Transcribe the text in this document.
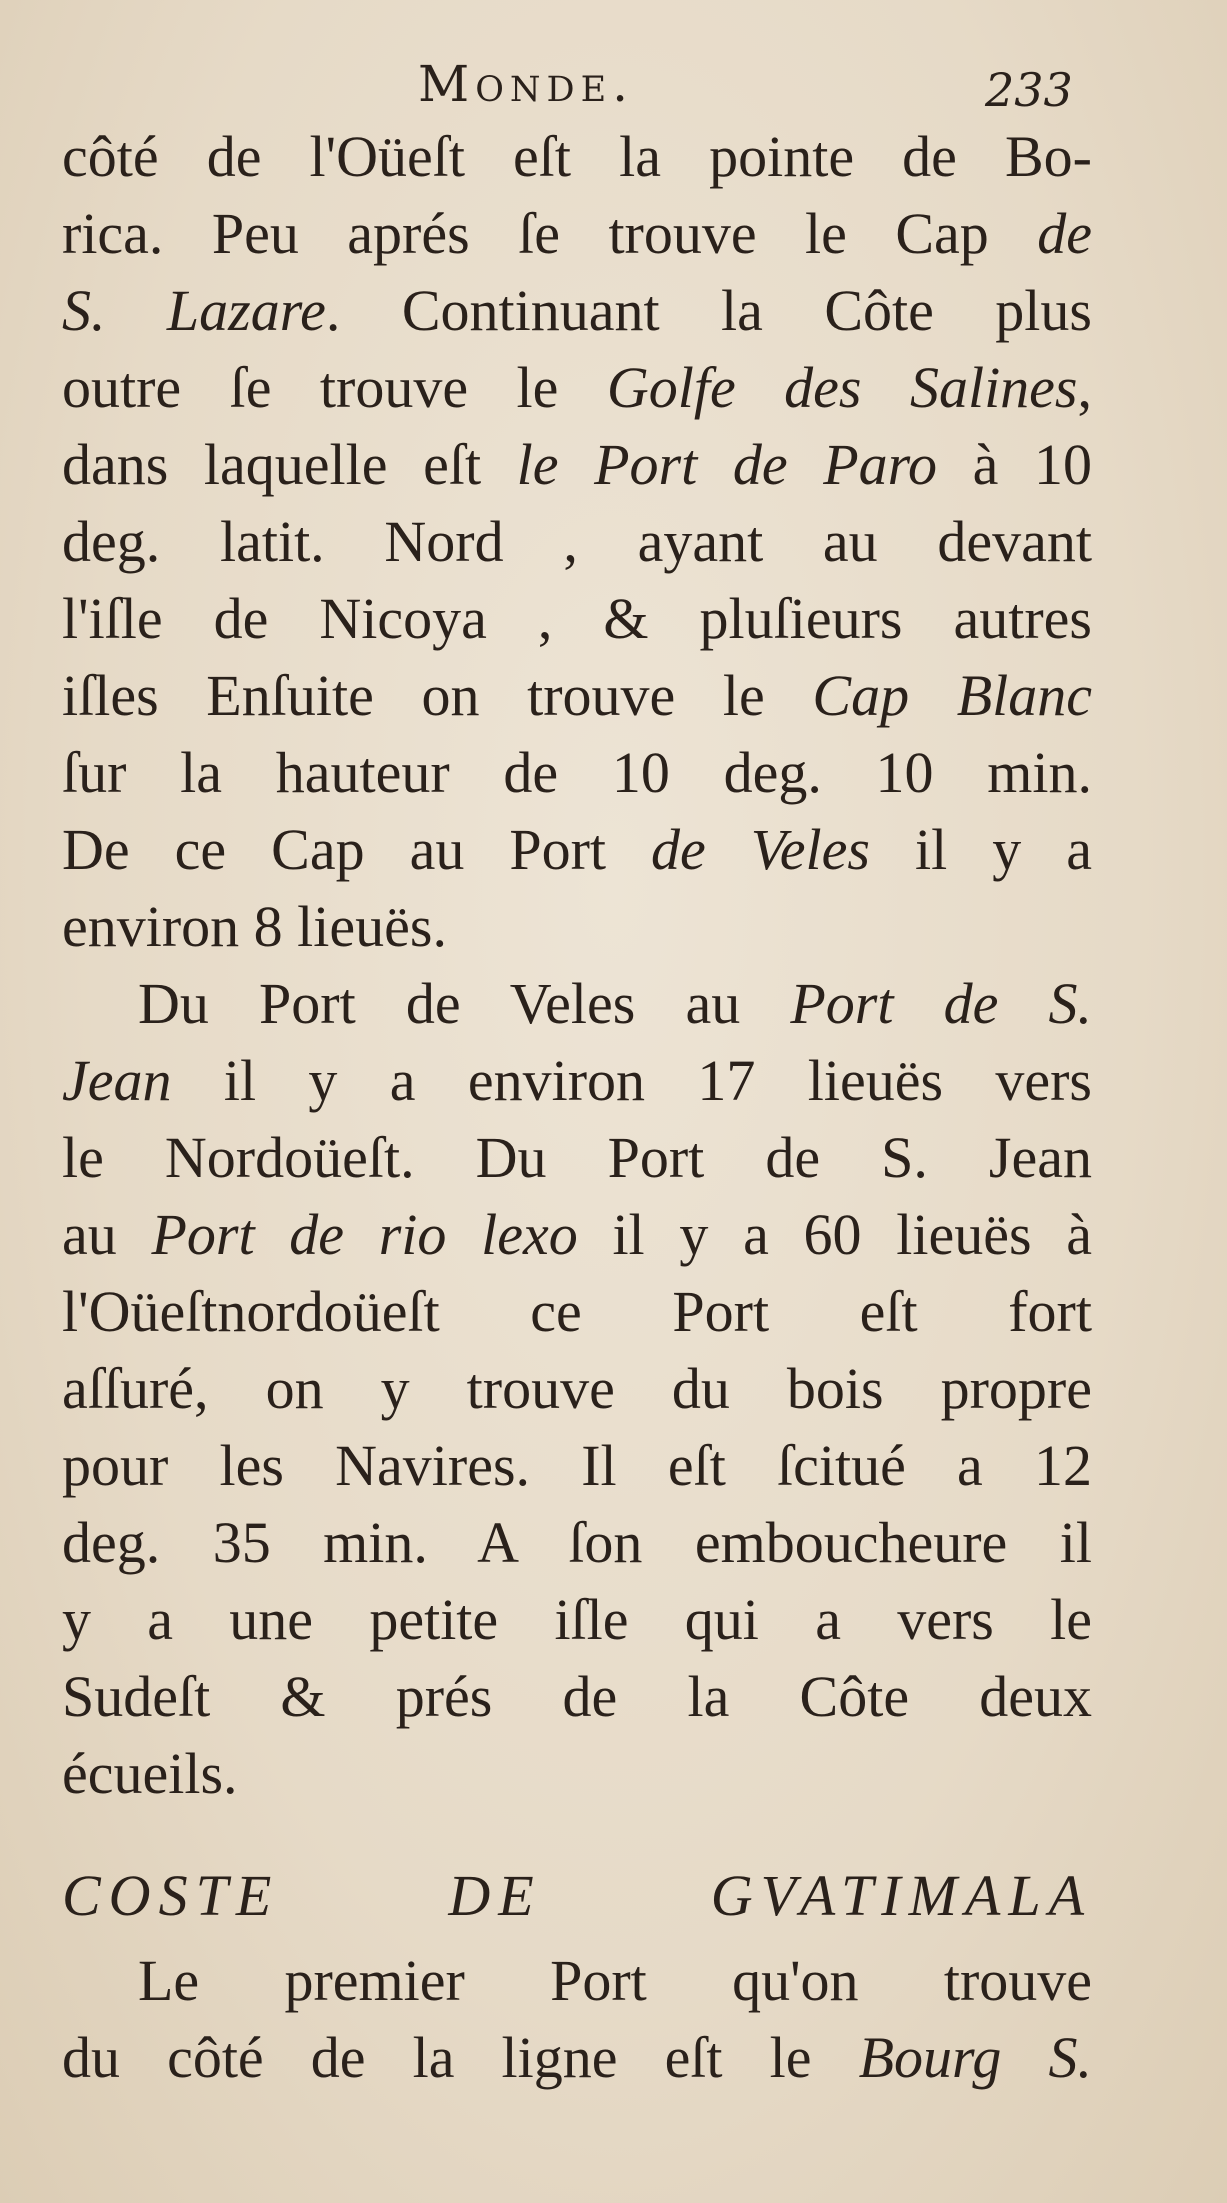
Monde.	233
côté de l'Oüeſt eſt la pointe de Bo-
rica. Peu aprés ſe trouve le Cap de
S. Lazare. Continuant la Côte plus
outre ſe trouve le Golfe des Salines,
dans laquelle eſt le Port de Paro à 10
deg. latit. Nord , ayant au devant
l'iſle de Nicoya , & pluſieurs autres
iſles Enſuite on trouve le Cap Blanc
ſur la hauteur de 10 deg. 10 min.
De ce Cap au Port de Veles il y a
environ 8 lieuës.
Du Port de Veles au Port de S.
Jean il y a environ 17 lieuës vers
le Nordoüeſt. Du Port de S. Jean
au Port de rio lexo il y a 60 lieuës à
l'Oüeſtnordoüeſt ce Port eſt fort
aſſuré, on y trouve du bois propre
pour les Navires. Il eſt ſcitué a 12
deg. 35 min. A ſon emboucheure il
y a une petite iſle qui a vers le
Sudeſt & prés de la Côte deux
écueils.
COSTE DE GVATIMALA
Le premier Port qu'on trouve
du côté de la ligne eſt le Bourg S.
